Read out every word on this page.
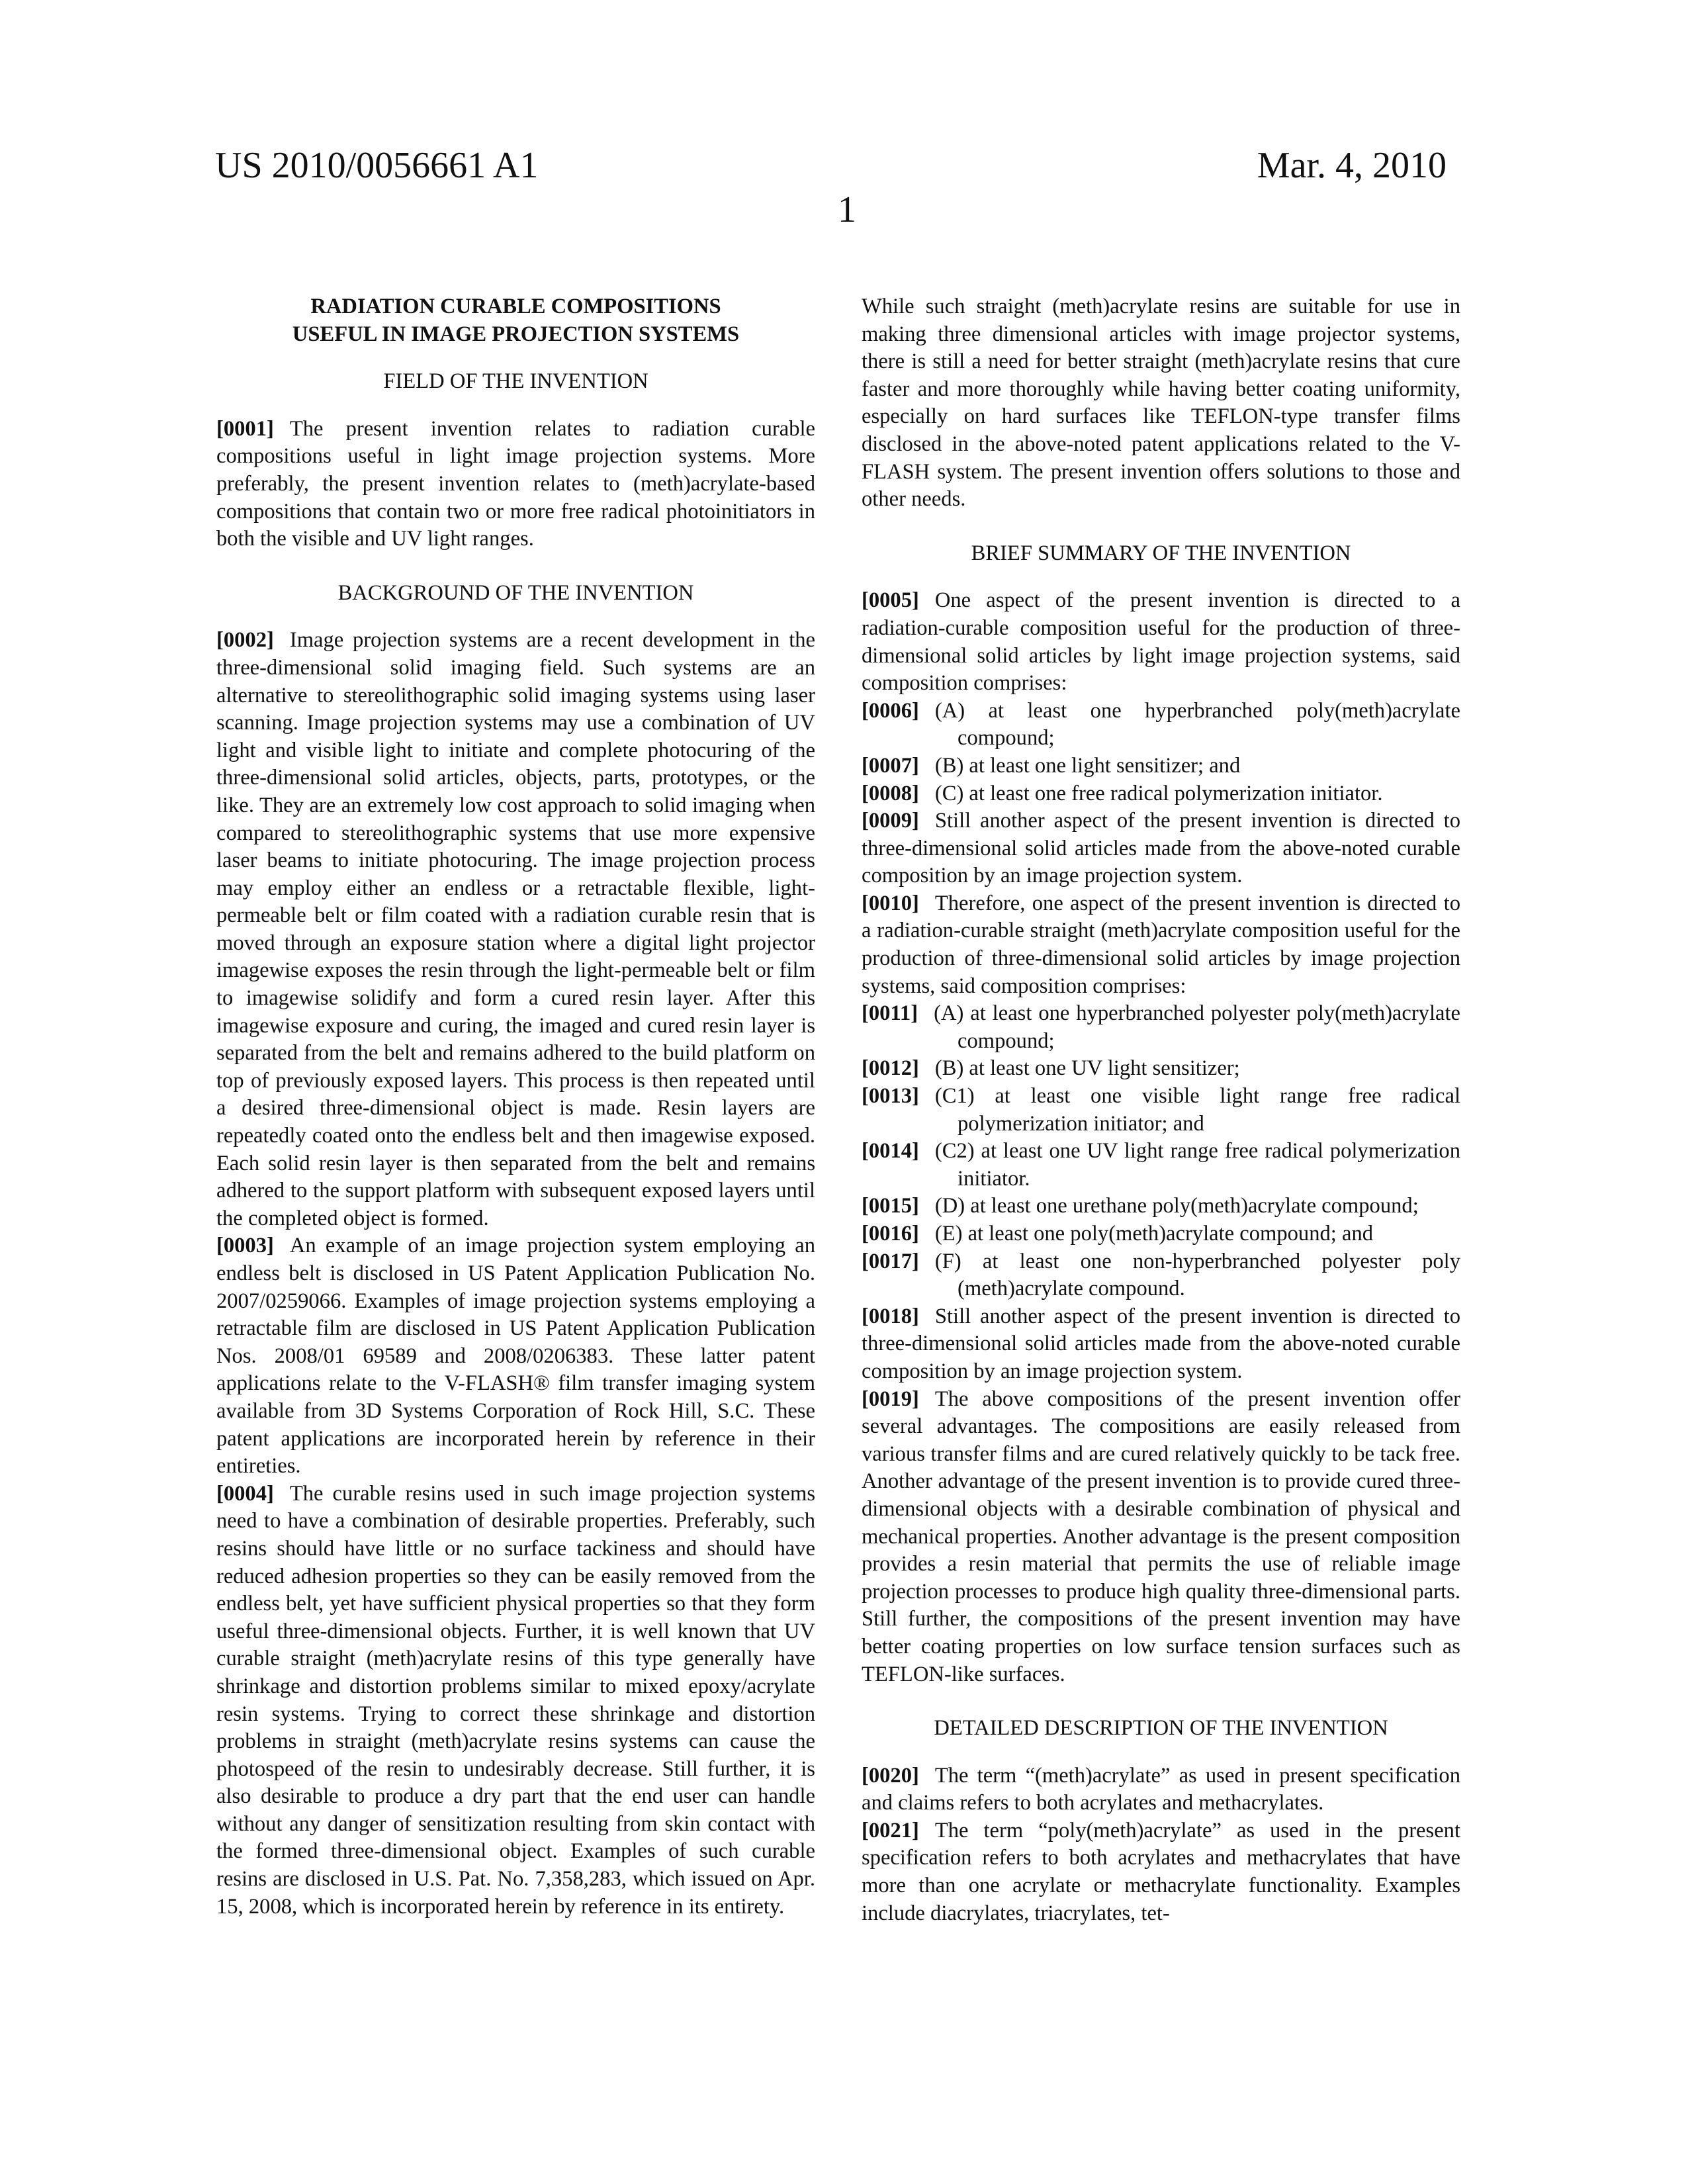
US 2010/0056661 A1	Mar. 4, 2010
1
RADIATION CURABLE COMPOSITIONS
USEFUL IN IMAGE PROJECTION SYSTEMS
FIELD OF THE INVENTION

[0001] The present invention relates to radiation curable compositions useful in light image projection systems. More preferably, the present invention relates to (meth)acrylate-based compositions that contain two or more free radical photoinitiators in both the visible and UV light ranges.

BACKGROUND OF THE INVENTION

[0002] Image projection systems are a recent development in the three-dimensional solid imaging field. Such systems are an alternative to stereolithographic solid imaging systems using laser scanning. Image projection systems may use a combination of UV light and visible light to initiate and complete photocuring of the three-dimensional solid articles, objects, parts, prototypes, or the like. They are an extremely low cost approach to solid imaging when compared to stereolithographic systems that use more expensive laser beams to initiate photocuring. The image projection process may employ either an endless or a retractable flexible, light-permeable belt or film coated with a radiation curable resin that is moved through an exposure station where a digital light projector imagewise exposes the resin through the light-permeable belt or film to imagewise solidify and form a cured resin layer. After this imagewise exposure and curing, the imaged and cured resin layer is separated from the belt and remains adhered to the build platform on top of previously exposed layers. This process is then repeated until a desired three-dimensional object is made. Resin layers are repeatedly coated onto the endless belt and then imagewise exposed. Each solid resin layer is then separated from the belt and remains adhered to the support platform with subsequent exposed layers until the completed object is formed.

[0003] An example of an image projection system employing an endless belt is disclosed in US Patent Application Publication No. 2007/0259066. Examples of image projection systems employing a retractable film are disclosed in US Patent Application Publication Nos. 2008/01 69589 and 2008/0206383. These latter patent applications relate to the V-FLASH® film transfer imaging system available from 3D Systems Corporation of Rock Hill, S.C. These patent applications are incorporated herein by reference in their entireties.

[0004] The curable resins used in such image projection systems need to have a combination of desirable properties. Preferably, such resins should have little or no surface tackiness and should have reduced adhesion properties so they can be easily removed from the endless belt, yet have sufficient physical properties so that they form useful three-dimensional objects. Further, it is well known that UV curable straight (meth)acrylate resins of this type generally have shrinkage and distortion problems similar to mixed epoxy/acrylate resin systems. Trying to correct these shrinkage and distortion problems in straight (meth)acrylate resins systems can cause the photospeed of the resin to undesirably decrease. Still further, it is also desirable to produce a dry part that the end user can handle without any danger of sensitization resulting from skin contact with the formed three-dimensional object. Examples of such curable resins are disclosed in U.S. Pat. No. 7,358,283, which issued on Apr. 15, 2008, which is incorporated herein by reference in its entirety.

While such straight (meth)acrylate resins are suitable for use in making three dimensional articles with image projector systems, there is still a need for better straight (meth)acrylate resins that cure faster and more thoroughly while having better coating uniformity, especially on hard surfaces like TEFLON-type transfer films disclosed in the above-noted patent applications related to the V-FLASH system. The present invention offers solutions to those and other needs.

BRIEF SUMMARY OF THE INVENTION

[0005] One aspect of the present invention is directed to a radiation-curable composition useful for the production of three-dimensional solid articles by light image projection systems, said composition comprises:

[0006] (A) at least one hyperbranched poly(meth)acrylate compound;

[0007] (B) at least one light sensitizer; and

[0008] (C) at least one free radical polymerization initiator.

[0009] Still another aspect of the present invention is directed to three-dimensional solid articles made from the above-noted curable composition by an image projection system.

[0010] Therefore, one aspect of the present invention is directed to a radiation-curable straight (meth)acrylate composition useful for the production of three-dimensional solid articles by image projection systems, said composition comprises:

[0011] (A) at least one hyperbranched polyester poly(meth)acrylate compound;

[0012] (B) at least one UV light sensitizer;

[0013] (C1) at least one visible light range free radical polymerization initiator; and

[0014] (C2) at least one UV light range free radical polymerization initiator.

[0015] (D) at least one urethane poly(meth)acrylate compound;

[0016] (E) at least one poly(meth)acrylate compound; and

[0017] (F) at least one non-hyperbranched polyester poly (meth)acrylate compound.

[0018] Still another aspect of the present invention is directed to three-dimensional solid articles made from the above-noted curable composition by an image projection system.

[0019] The above compositions of the present invention offer several advantages. The compositions are easily released from various transfer films and are cured relatively quickly to be tack free. Another advantage of the present invention is to provide cured three-dimensional objects with a desirable combination of physical and mechanical properties. Another advantage is the present composition provides a resin material that permits the use of reliable image projection processes to produce high quality three-dimensional parts. Still further, the compositions of the present invention may have better coating properties on low surface tension surfaces such as TEFLON-like surfaces.

DETAILED DESCRIPTION OF THE INVENTION

[0020] The term “(meth)acrylate” as used in present specification and claims refers to both acrylates and methacrylates.

[0021] The term “poly(meth)acrylate” as used in the present specification refers to both acrylates and methacrylates that have more than one acrylate or methacrylate functionality. Examples include diacrylates, triacrylates, tet-
